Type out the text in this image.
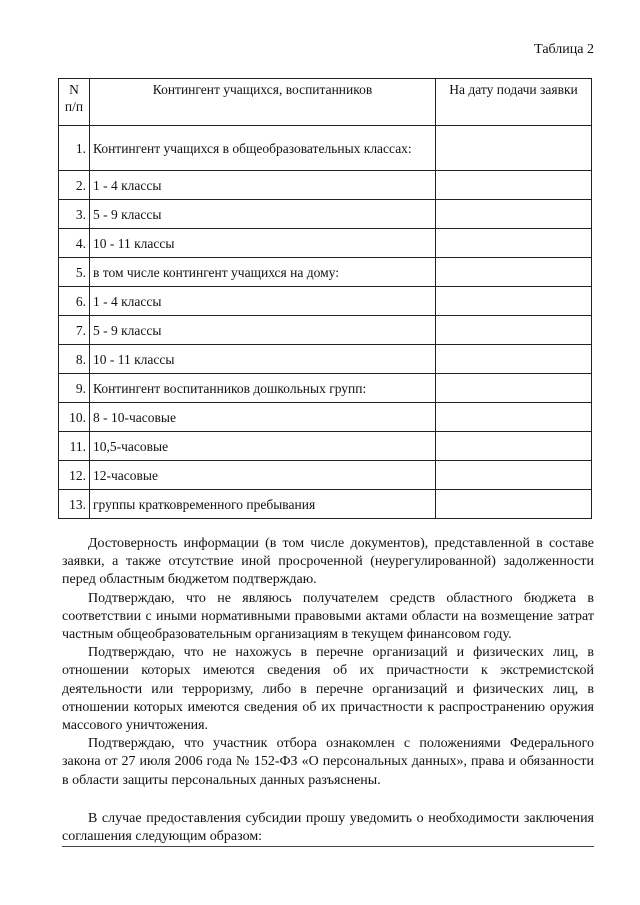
Таблица 2
N п/п	Контингент учащихся, воспитанников	На дату подачи заявки
1.	Контингент учащихся в общеобразовательных классах:	
2.	1 - 4 классы	
3.	5 - 9 классы	
4.	10 - 11 классы	
5.	в том числе контингент учащихся на дому:	
6.	1 - 4 классы	
7.	5 - 9 классы	
8.	10 - 11 классы	
9.	Контингент воспитанников дошкольных групп:	
10.	8 - 10-часовые	
11.	10,5-часовые	
12.	12-часовые	
13.	группы кратковременного пребывания	

Достоверность информации (в том числе документов), представленной в составе заявки, а также отсутствие иной просроченной (неурегулированной) задолженности перед областным бюджетом подтверждаю.

Подтверждаю, что не являюсь получателем средств областного бюджета в соответствии с иными нормативными правовыми актами области на возмещение затрат частным общеобразовательным организациям в текущем финансовом году.

Подтверждаю, что не нахожусь в перечне организаций и физических лиц, в отношении которых имеются сведения об их причастности к экстремистской деятельности или терроризму, либо в перечне организаций и физических лиц, в отношении которых имеются сведения об их причастности к распространению оружия массового уничтожения.

Подтверждаю, что участник отбора ознакомлен с положениями Федерального закона от 27 июля 2006 года № 152-ФЗ «О персональных данных», права и обязанности в области защиты персональных данных разъяснены.

В случае предоставления субсидии прошу уведомить о необходимости заключения соглашения следующим образом:
